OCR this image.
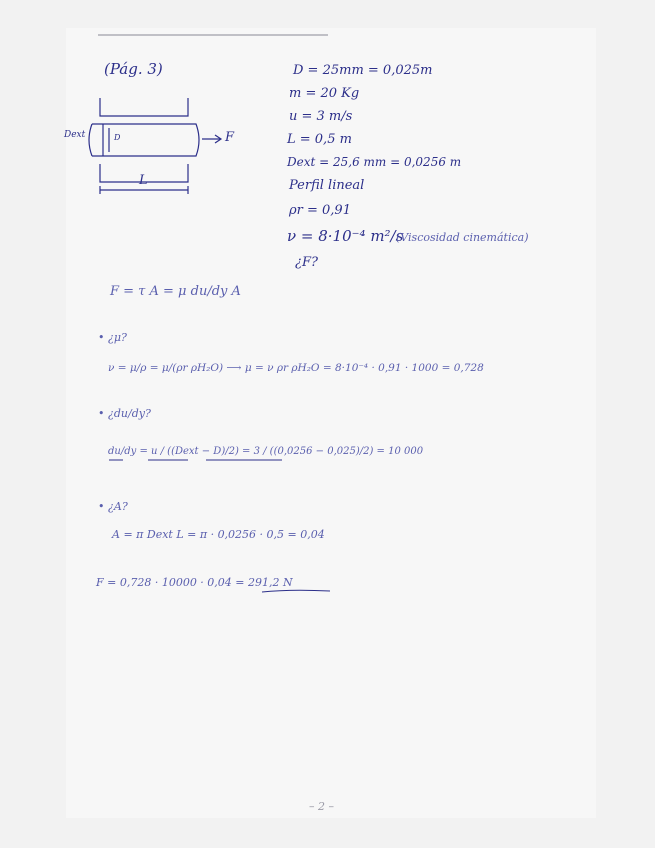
(Pág. 3)
Dext	D	F
L
D = 25mm = 0,025m
m = 20 Kg
u = 3 m/s
L = 0,5 m
Dext = 25,6 mm = 0,0256 m
Perfil lineal
ρr = 0,91
ν = 8·10⁻⁴ m²/s
(Viscosidad cinemática)
¿F?
F = τ A = μ du/dy A
• ¿μ?
ν = μ/ρ = μ/(ρr ρH₂O) ⟶ μ = ν ρr ρH₂O = 8·10⁻⁴ · 0,91 · 1000 = 0,728
• ¿du/dy?
du/dy = u / ((Dext − D)/2) = 3 / ((0,0256 − 0,025)/2) = 10 000
• ¿A?
A = π Dext L = π · 0,0256 · 0,5 = 0,04
F = 0,728 · 10000 · 0,04 = 291,2 N
– 2 –
